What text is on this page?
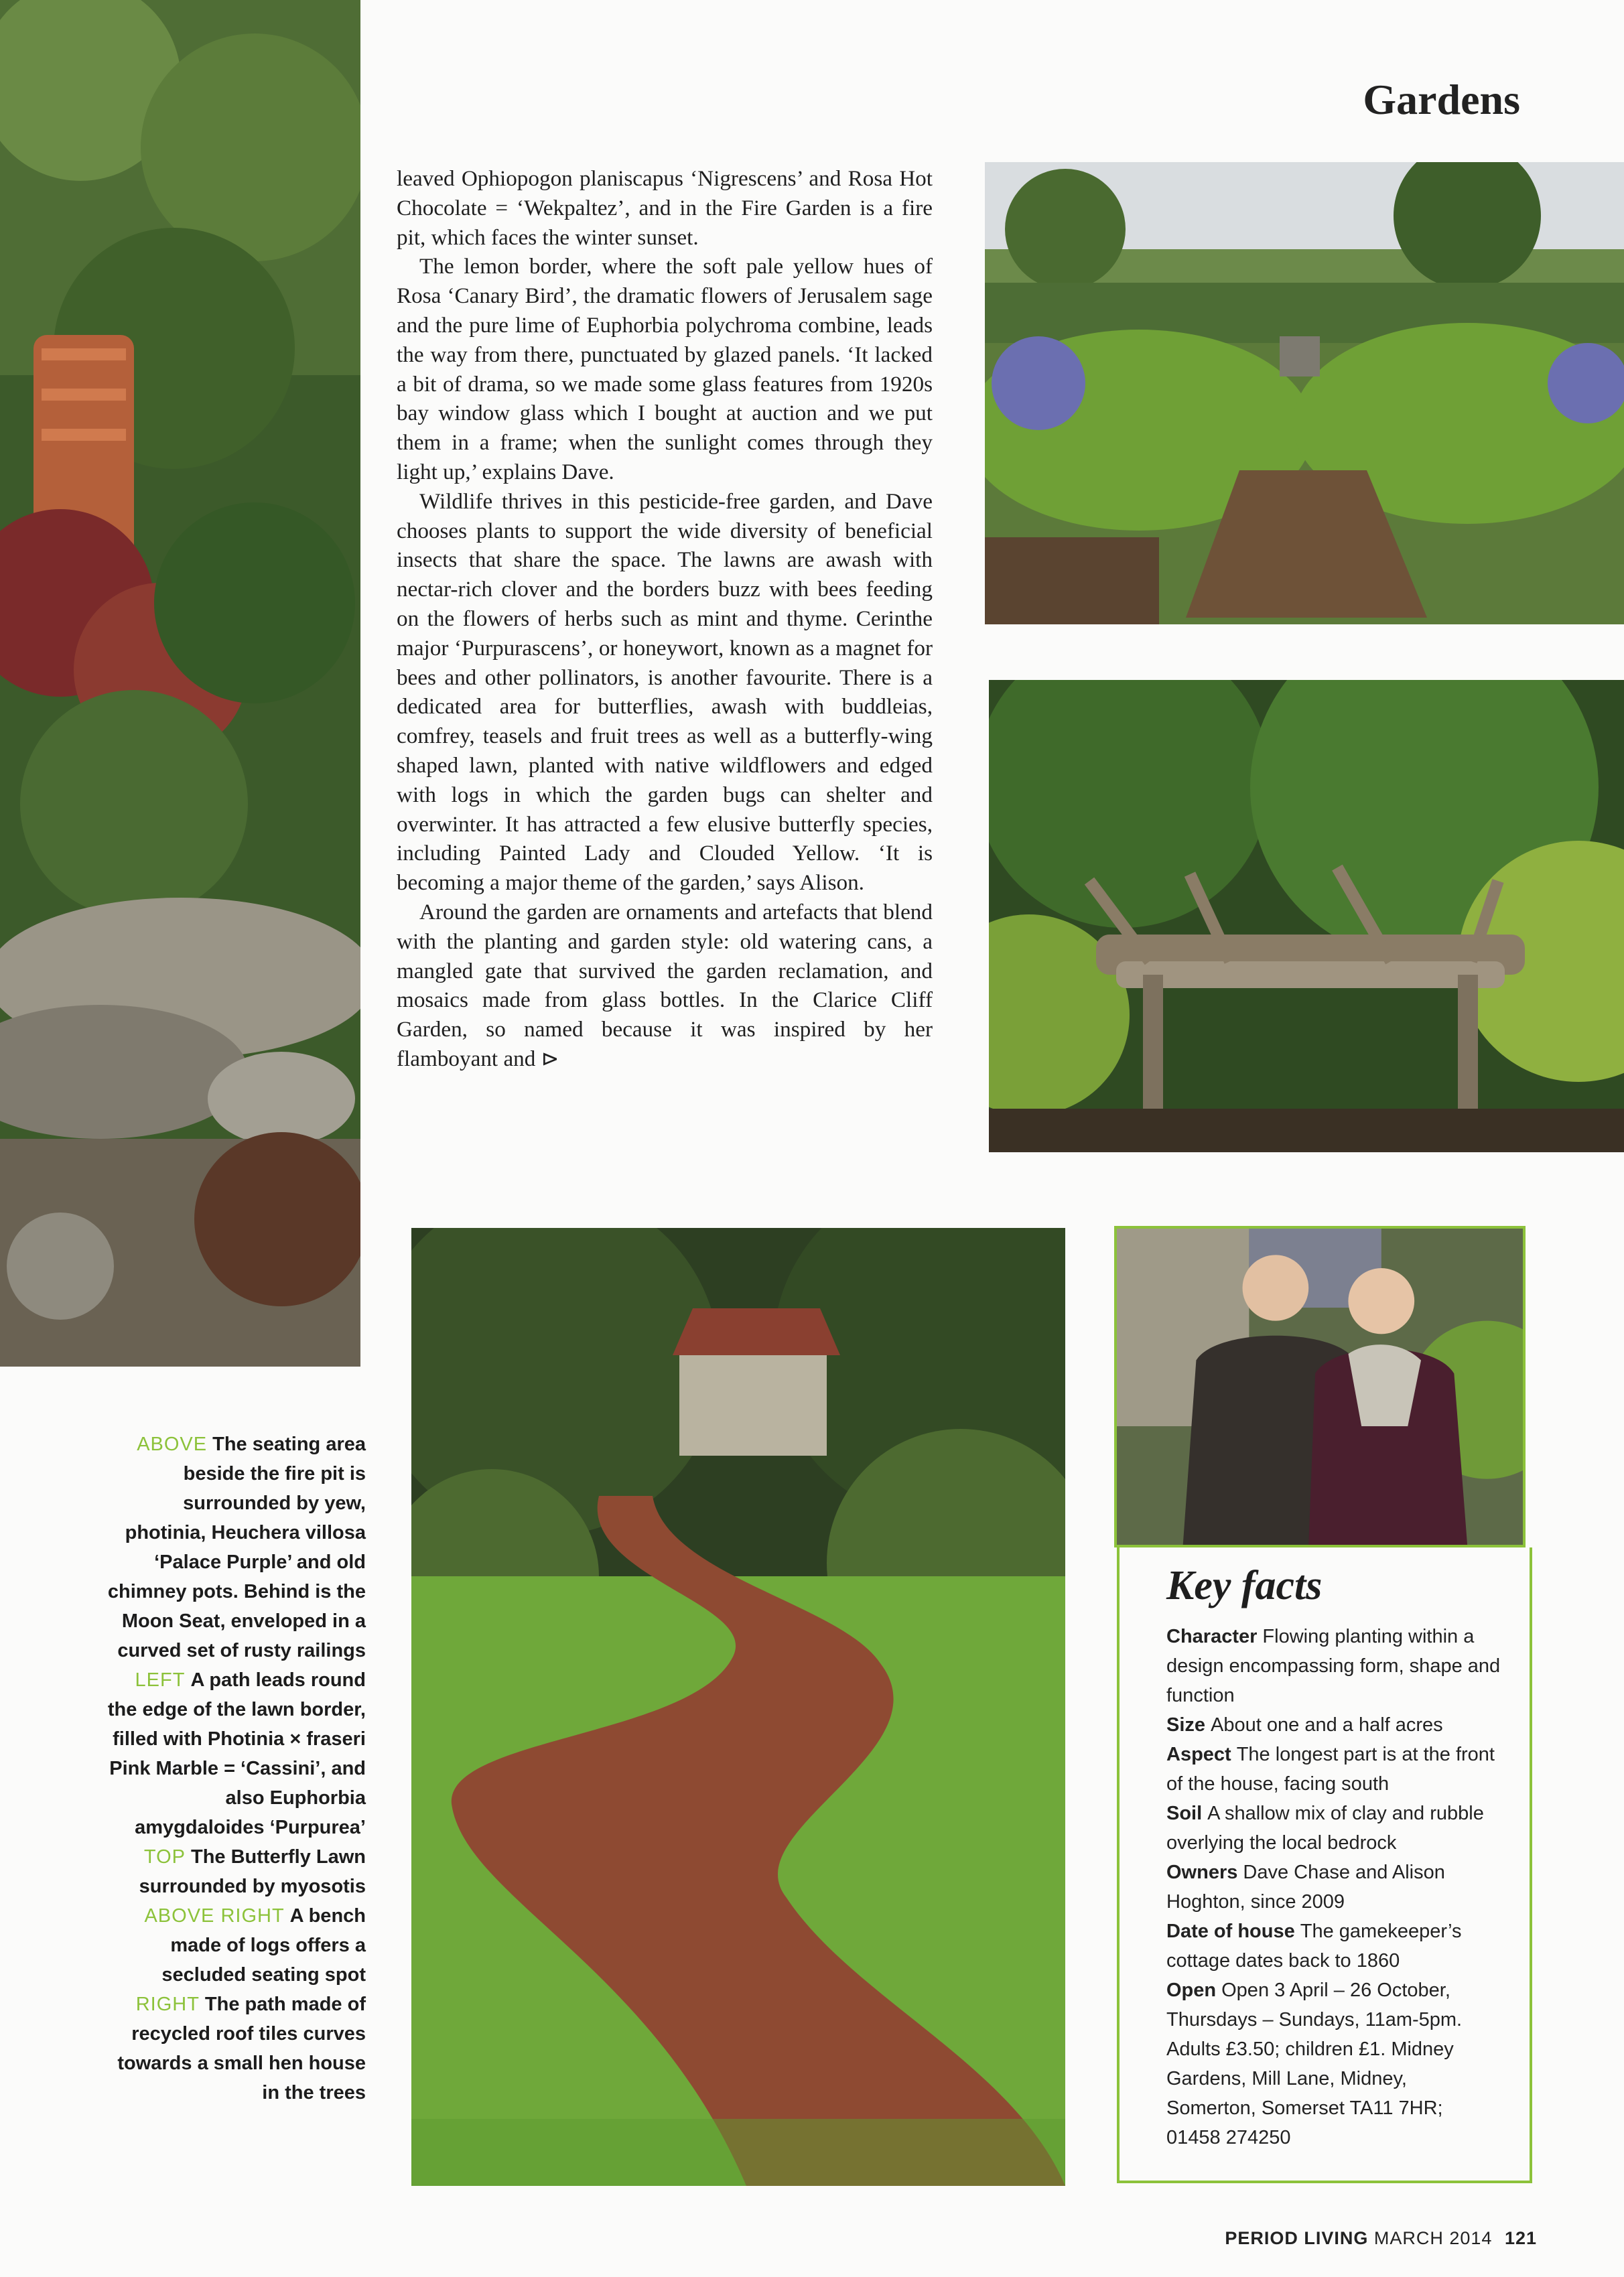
Gardens

leaved Ophiopogon planiscapus ‘Nigrescens’ and Rosa Hot Chocolate = ‘Wekpaltez’, and in the Fire Garden is a fire pit, which faces the winter sunset.

The lemon border, where the soft pale yellow hues of Rosa ‘Canary Bird’, the dramatic flowers of Jerusalem sage and the pure lime of Euphorbia polychroma combine, leads the way from there, punctuated by glazed panels. ‘It lacked a bit of drama, so we made some glass features from 1920s bay window glass which I bought at auction and we put them in a frame; when the sunlight comes through they light up,’ explains Dave.

Wildlife thrives in this pesticide-free garden, and Dave chooses plants to support the wide diversity of beneficial insects that share the space. The lawns are awash with nectar-rich clover and the borders buzz with bees feeding on the flowers of herbs such as mint and thyme. Cerinthe major ‘Purpurascens’, or honeywort, known as a magnet for bees and other pollinators, is another favourite. There is a dedicated area for butterflies, awash with buddleias, comfrey, teasels and fruit trees as well as a butterfly-wing shaped lawn, planted with native wildflowers and edged with logs in which the garden bugs can shelter and overwinter. It has attracted a few elusive butterfly species, including Painted Lady and Clouded Yellow. ‘It is becoming a major theme of the garden,’ says Alison.

Around the garden are ornaments and artefacts that blend with the planting and garden style: old watering cans, a mangled gate that survived the garden reclamation, and mosaics made from glass bottles. In the Clarice Cliff Garden, so named because it was inspired by her flamboyant and ⊳

ABOVE The seating area beside the fire pit is surrounded by yew, photinia, Heuchera villosa ‘Palace Purple’ and old chimney pots. Behind is the Moon Seat, enveloped in a curved set of rusty railings
LEFT A path leads round the edge of the lawn border, filled with Photinia × fraseri Pink Marble = ‘Cassini’, and also Euphorbia amygdaloides ‘Purpurea’
TOP The Butterfly Lawn surrounded by myosotis
ABOVE RIGHT A bench made of logs offers a secluded seating spot
RIGHT The path made of recycled roof tiles curves towards a small hen house in the trees
Key facts

Character Flowing planting within a design encompassing form, shape and function

Size About one and a half acres

Aspect The longest part is at the front of the house, facing south

Soil A shallow mix of clay and rubble overlying the local bedrock

Owners Dave Chase and Alison Hoghton, since 2009

Date of house The gamekeeper’s cottage dates back to 1860

Open Open 3 April – 26 October, Thursdays – Sundays, 11am-5pm. Adults £3.50; children £1. Midney Gardens, Mill Lane, Midney, Somerton, Somerset TA11 7HR; 01458 274250

PERIOD LIVING MARCH 2014 121
